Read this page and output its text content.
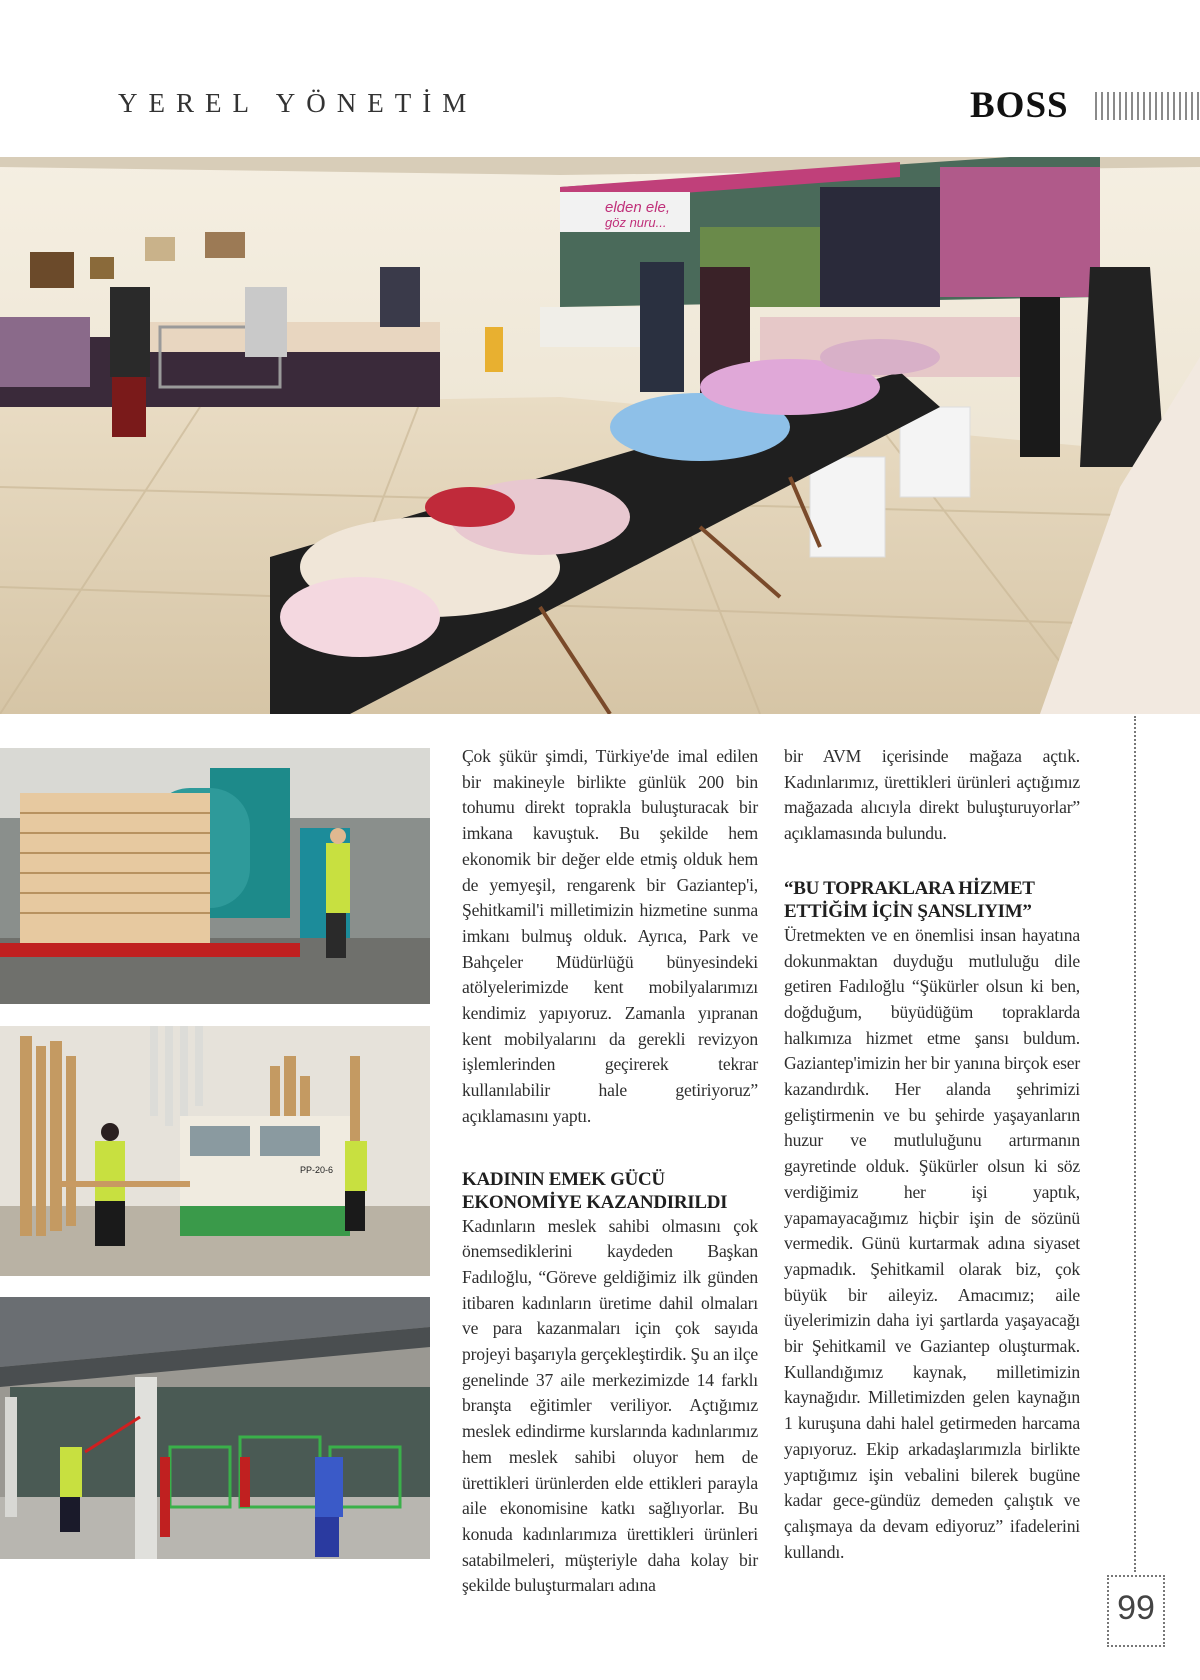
YEREL YÖNETİM	BOSS
elden ele,
göz nuru...
PP-20-6

Çok şükür şimdi, Türkiye'de imal edilen bir makineyle birlikte günlük 200 bin tohumu direkt toprakla buluşturacak bir imkana kavuştuk. Bu şekilde hem ekonomik bir değer elde etmiş olduk hem de yemyeşil, rengarenk bir Gaziantep'i, Şehitkamil'i milletimizin hizmetine sunma imkanı bulmuş olduk. Ayrıca, Park ve Bahçeler Müdürlüğü bünyesindeki atölyelerimizde kent mobilyalarımızı kendimiz yapıyoruz. Zamanla yıpranan kent mobilyalarını da gerekli revizyon işlemlerinden geçirerek tekrar kullanılabilir hale getiriyoruz” açıklamasını yaptı.

KADININ EMEK GÜCÜ EKONOMİYE KAZANDIRILDI

Kadınların meslek sahibi olmasını çok önemsediklerini kaydeden Başkan Fadıloğlu, “Göreve geldiğimiz ilk günden itibaren kadınların üretime dahil olmaları ve para kazanmaları için çok sayıda projeyi başarıyla gerçekleştirdik. Şu an ilçe genelinde 37 aile merkezimizde 14 farklı branşta eğitimler veriliyor. Açtığımız meslek edindirme kurslarında kadınlarımız hem meslek sahibi oluyor hem de ürettikleri ürünlerden elde ettikleri parayla aile ekonomisine katkı sağlıyorlar. Bu konuda kadınlarımıza ürettikleri ürünleri satabilmeleri, müşteriyle daha kolay bir şekilde buluşturmaları adına

bir AVM içerisinde mağaza açtık. Kadınlarımız, ürettikleri ürünleri açtığımız mağazada alıcıyla direkt buluşturuyorlar” açıklamasında bulundu.

“BU TOPRAKLARA HİZMET ETTİĞİM İÇİN ŞANSLIYIM”

Üretmekten ve en önemlisi insan hayatına dokunmaktan duyduğu mutluluğu dile getiren Fadıloğlu “Şükürler olsun ki ben, doğduğum, büyüdüğüm topraklarda halkımıza hizmet etme şansı buldum. Gaziantep'imizin her bir yanına birçok eser kazandırdık. Her alanda şehrimizi geliştirmenin ve bu şehirde yaşayanların huzur ve mutluluğunu artırmanın gayretinde olduk. Şükürler olsun ki söz verdiğimiz her işi yaptık, yapamayacağımız hiçbir işin de sözünü vermedik. Günü kurtarmak adına siyaset yapmadık. Şehitkamil olarak biz, çok büyük bir aileyiz. Amacımız; aile üyelerimizin daha iyi şartlarda yaşayacağı bir Şehitkamil ve Gaziantep oluşturmak. Kullandığımız kaynak, milletimizin kaynağıdır. Milletimizden gelen kaynağın 1 kuruşuna dahi halel getirmeden harcama yapıyoruz. Ekip arkadaşlarımızla birlikte yaptığımız işin vebalini bilerek bugüne kadar gece-gündüz demeden çalıştık ve çalışmaya da devam ediyoruz” ifadelerini kullandı.

99
